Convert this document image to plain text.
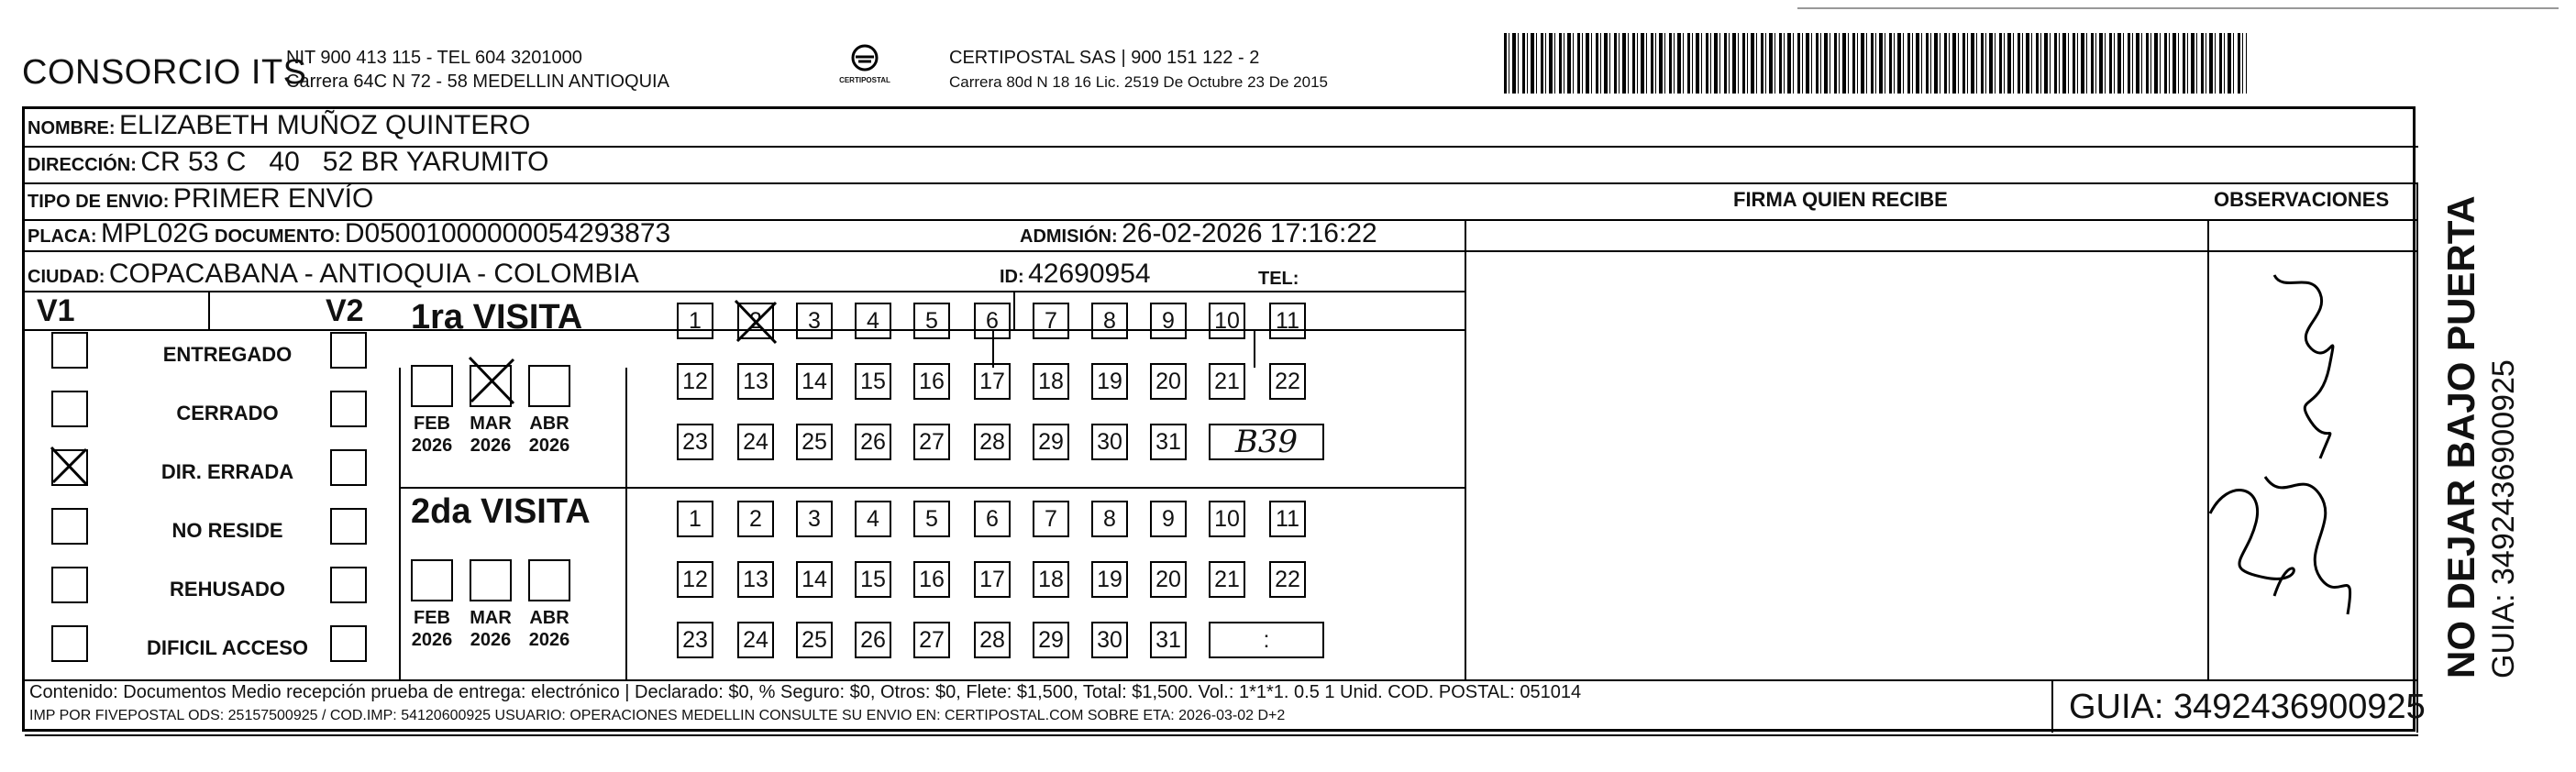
CONSORCIO ITS
NIT 900 413 115 - TEL 604 3201000
Carrera 64C N 72 - 58 MEDELLIN ANTIOQUIA	CERTIPOSTAL
CERTIPOSTAL SAS | 900 151 122 - 2
Carrera 80d N 18 16 Lic. 2519 De Octubre 23 De 2015
NOMBRE: ELIZABETH MUÑOZ QUINTERO
DIRECCIÓN: CR 53 C   40   52 BR YARUMITO
TIPO DE ENVIO: PRIMER ENVÍO	FIRMA QUIEN RECIBE	OBSERVACIONES
PLACA: MPL02G DOCUMENTO: D05001000000054293873	ADMISIÓN: 26-02-2026 17:16:22
CIUDAD: COPACABANA - ANTIOQUIA - COLOMBIA	ID: 42690954	TEL:
V1	V2
ENTREGADO
CERRADO
DIR. ERRADA
NO RESIDE
REHUSADO
DIFICIL ACCESO
1ra VISITA
2da VISITA
FEB
2026
MAR
2026
ABR
2026
FEB
2026
MAR
2026
ABR
2026
1	2	3	4	5	6	7	8	9	10 11
12 13 14 15 16 17 18 19 20 21 22
23 24 25 26 27 28 29 30 31	B39
1	2	3	4	5	6	7	8	9	10 11
12 13 14 15 16 17 18 19 20 21 22
23 24 25 26 27 28 29 30 31	:
Contenido: Documentos Medio recepción prueba de entrega: electrónico | Declarado: $0, % Seguro: $0, Otros: $0, Flete: $1,500, Total: $1,500. Vol.: 1*1*1. 0.5 1 Unid. COD. POSTAL: 051014
IMP POR FIVEPOSTAL ODS: 25157500925 / COD.IMP: 54120600925 USUARIO: OPERACIONES MEDELLIN CONSULTE SU ENVIO EN: CERTIPOSTAL.COM SOBRE ETA: 2026-03-02 D+2	GUIA: 3492436900925
NO DEJAR BAJO PUERTA GUIA: 3492436900925
